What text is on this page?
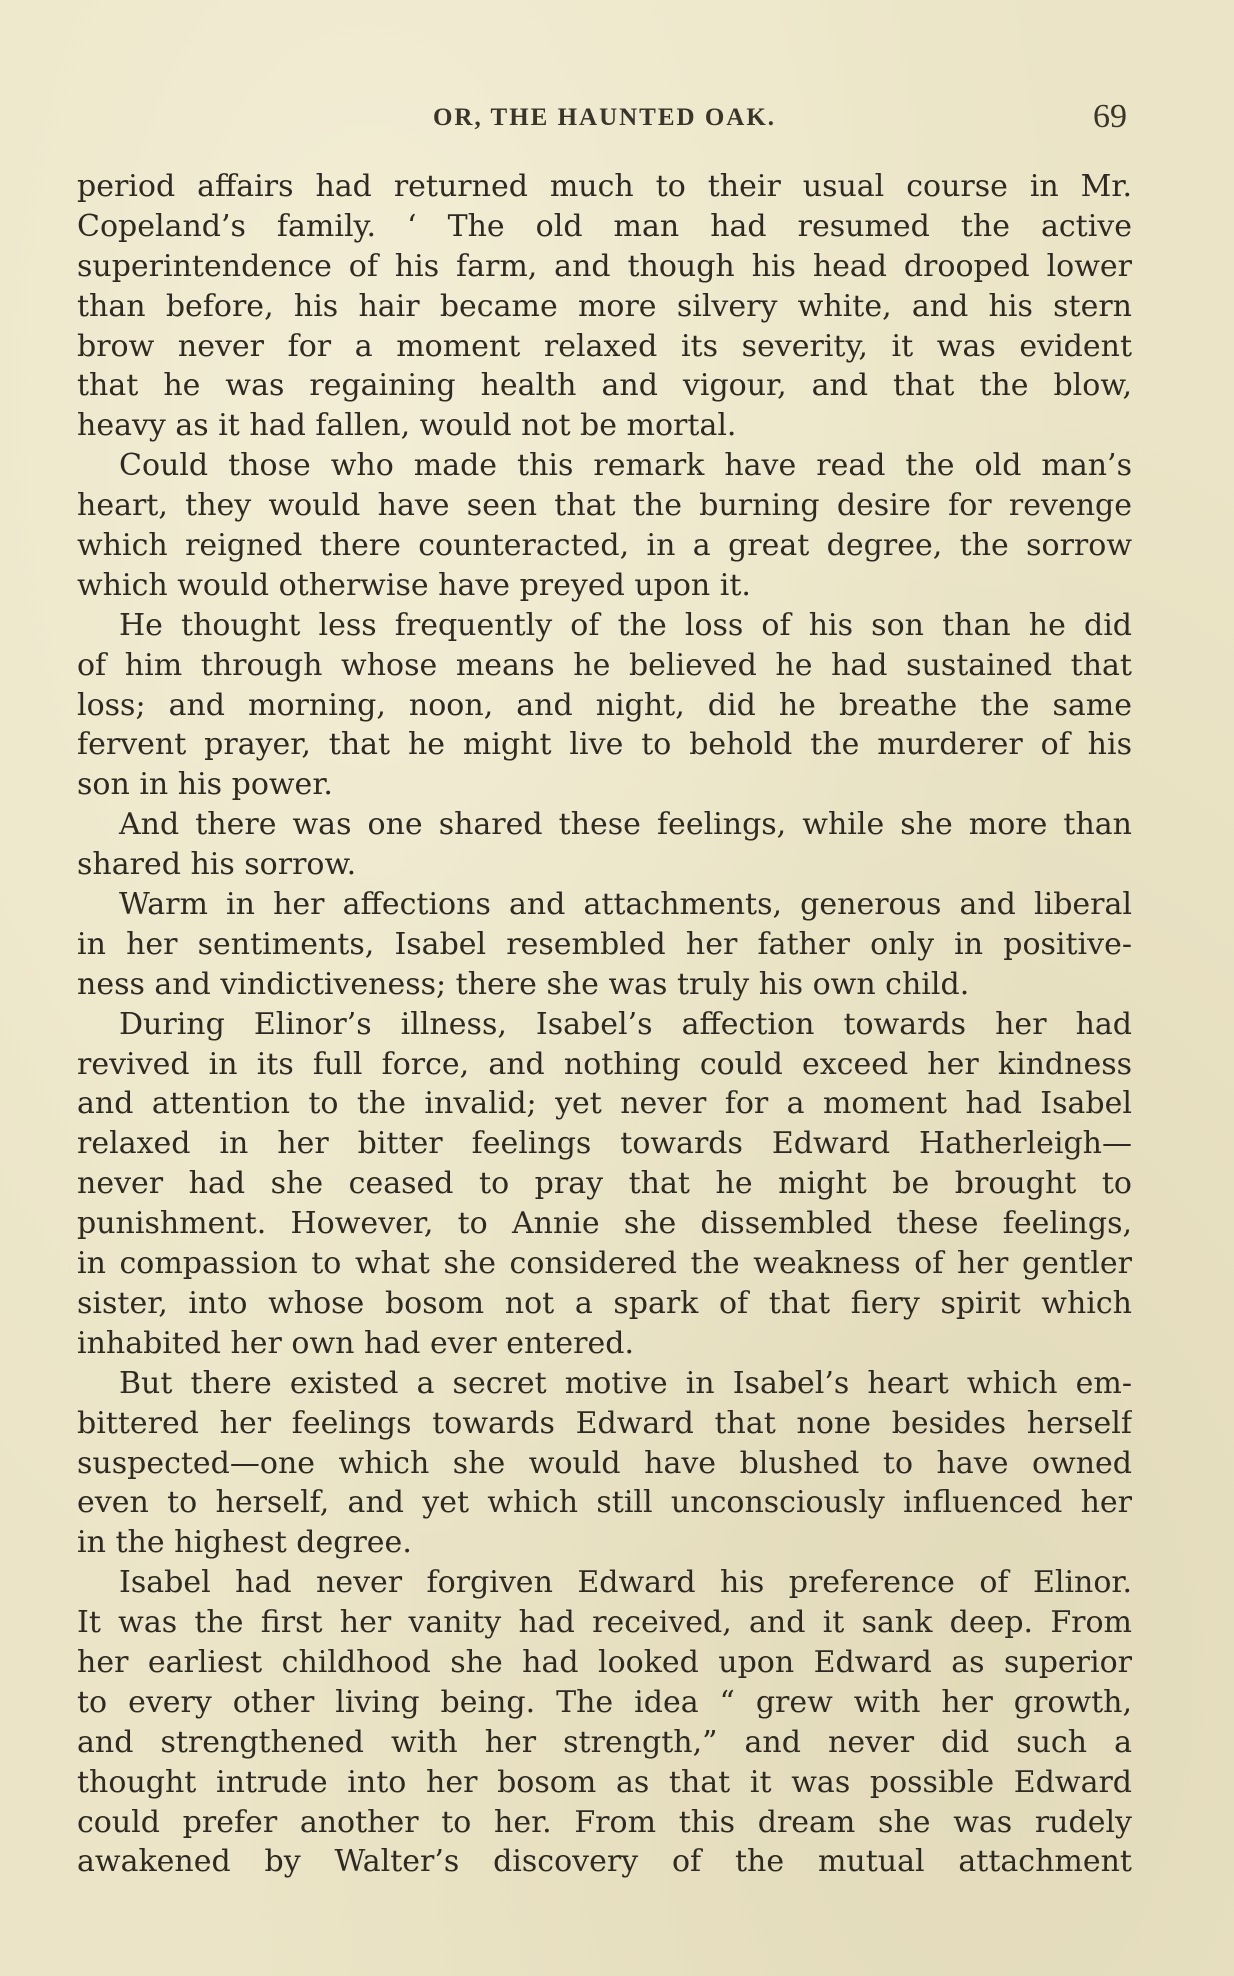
OR, THE HAUNTED OAK.	69
period affairs had returned much to their usual course in Mr.
Copeland’s family. ‘ The old man had resumed the active
superintendence of his farm, and though his head drooped lower
than before, his hair became more silvery white, and his stern
brow never for a moment relaxed its severity, it was evident
that he was regaining health and vigour, and that the blow,
heavy as it had fallen, would not be mortal.
Could those who made this remark have read the old man’s
heart, they would have seen that the burning desire for revenge
which reigned there counteracted, in a great degree, the sorrow
which would otherwise have preyed upon it.
He thought less frequently of the loss of his son than he did
of him through whose means he believed he had sustained that
loss; and morning, noon, and night, did he breathe the same
fervent prayer, that he might live to behold the murderer of his
son in his power.
And there was one shared these feelings, while she more than
shared his sorrow.
Warm in her affections and attachments, generous and liberal
in her sentiments, Isabel resembled her father only in positive-
ness and vindictiveness; there she was truly his own child.
During Elinor’s illness, Isabel’s affection towards her had
revived in its full force, and nothing could exceed her kindness
and attention to the invalid; yet never for a moment had Isabel
relaxed in her bitter feelings towards Edward Hatherleigh—
never had she ceased to pray that he might be brought to
punishment. However, to Annie she dissembled these feelings,
in compassion to what she considered the weakness of her gentler
sister, into whose bosom not a spark of that fiery spirit which
inhabited her own had ever entered.
But there existed a secret motive in Isabel’s heart which em-
bittered her feelings towards Edward that none besides herself
suspected—one which she would have blushed to have owned
even to herself, and yet which still unconsciously influenced her
in the highest degree.
Isabel had never forgiven Edward his preference of Elinor.
It was the first her vanity had received, and it sank deep. From
her earliest childhood she had looked upon Edward as superior
to every other living being. The idea “ grew with her growth,
and strengthened with her strength,” and never did such a
thought intrude into her bosom as that it was possible Edward
could prefer another to her. From this dream she was rudely
awakened by Walter’s discovery of the mutual attachment
